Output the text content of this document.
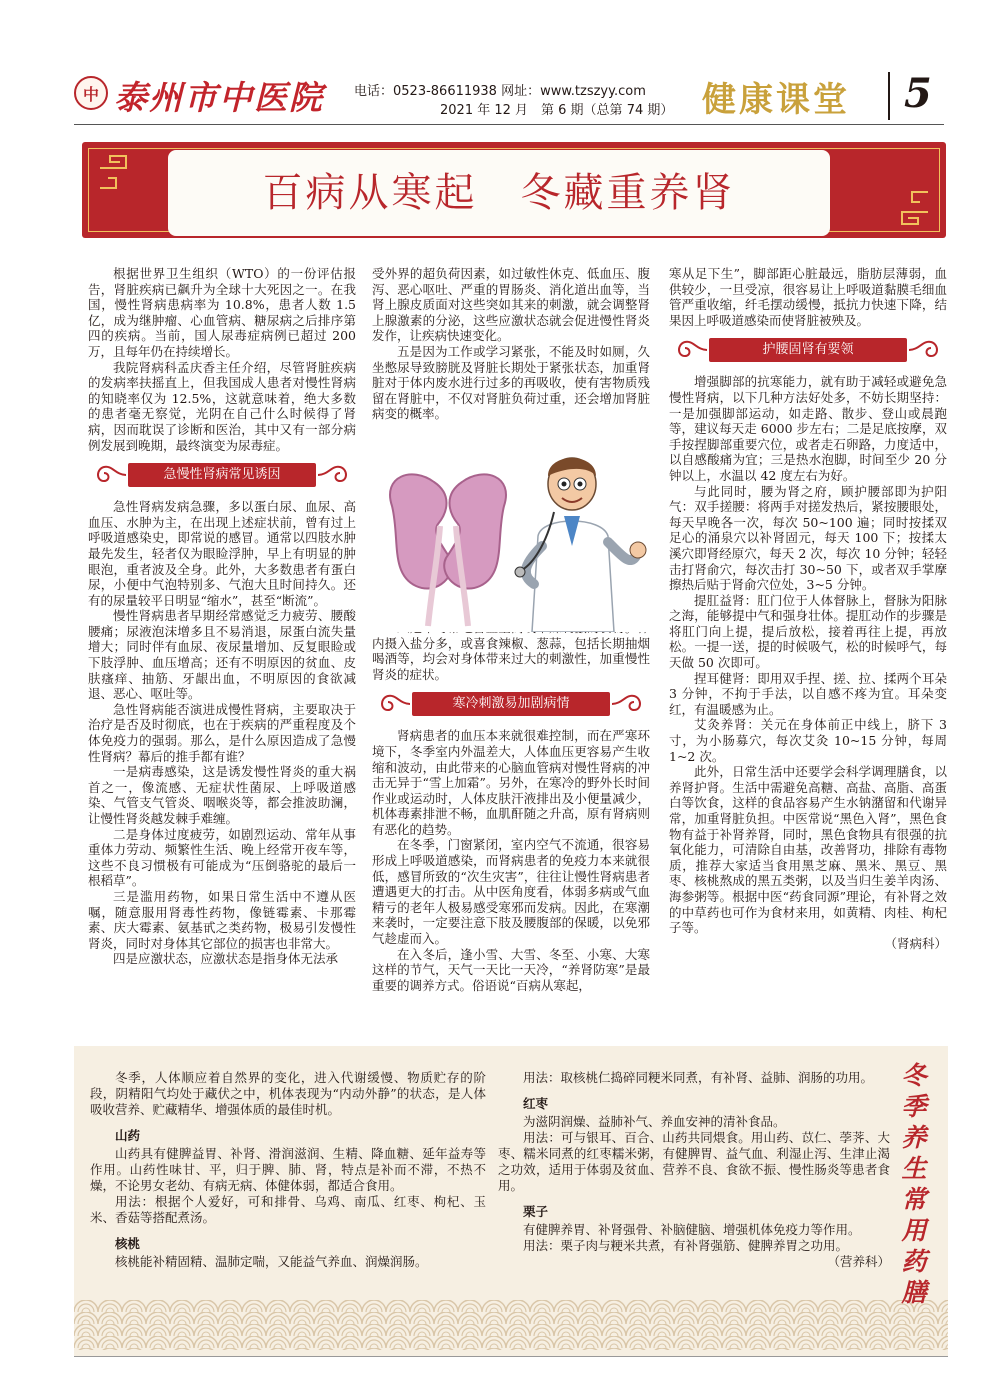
中 泰州市中医院 电话：0523-86611938 网址：www.tzszyy.com
2021 年 12 月　第 6 期（总第 74 期） 健康课堂 5
百病从寒起　冬藏重养肾

根据世界卫生组织（WTO）的一份评估报告，肾脏疾病已飙升为全球十大死因之一。在我国，慢性肾病患病率为 10.8%，患者人数 1.5 亿，成为继肿瘤、心血管病、糖尿病之后排序第四的疾病。当前，国人尿毒症病例已超过 200 万，且每年仍在持续增长。

我院肾病科孟庆香主任介绍，尽管肾脏疾病的发病率扶摇直上，但我国成人患者对慢性肾病的知晓率仅为 12.5%，这就意味着，绝大多数的患者毫无察觉，光阴在自己什么时候得了肾病，因而耽误了诊断和医治，其中又有一部分病例发展到晚期，最终演变为尿毒症。

急慢性肾病常见诱因

急性肾病发病急骤，多以蛋白尿、血尿、高血压、水肿为主，在出现上述症状前，曾有过上呼吸道感染史，即常说的感冒。通常以四肢水肿最先发生，轻者仅为眼睑浮肿，早上有明显的肿眼泡，重者波及全身。此外，大多数患者有蛋白尿，小便中气泡特别多、气泡大且时间持久。还有的尿量较平日明显“缩水”，甚至“断流”。

慢性肾病患者早期经常感觉乏力疲劳、腰酸腰痛；尿液泡沫增多且不易消退，尿蛋白流失量增大；同时伴有血尿、夜尿量增加、反复眼睑或下肢浮肿、血压增高；还有不明原因的贫血、皮肤瘙痒、抽筋、牙龈出血，不明原因的食欲减退、恶心、呕吐等。

急性肾病能否演进成慢性肾病，主要取决于治疗是否及时彻底，也在于疾病的严重程度及个体免疫力的强弱。那么，是什么原因造成了急慢性肾病？幕后的推手都有谁？

一是病毒感染，这是诱发慢性肾炎的重大祸首之一，像流感、无症状性菌尿、上呼吸道感染、气管支气管炎、咽喉炎等，都会推波助澜，让慢性肾炎越发棘手难缠。

二是身体过度疲劳，如剧烈运动、常年从事重体力劳动、频繁性生活、晚上经常开夜车等，这些不良习惯极有可能成为“压倒骆驼的最后一根稻草”。

三是滥用药物，如果日常生活中不遵从医嘱，随意服用肾毒性药物，像链霉素、卡那霉素、庆大霉素、氨基甙之类药物，极易引发慢性肾炎，同时对身体其它部位的损害也非常大。

四是应激状态，应激状态是指身体无法承

受外界的超负荷因素，如过敏性休克、低血压、腹泻、恶心呕吐、严重的胃肠炎、消化道出血等，当肾上腺皮质面对这些突如其来的刺激，就会调整肾上腺激素的分泌，这些应激状态就会促进慢性肾炎发作，让疾病快速变化。

五是因为工作或学习紧张，不能及时如厕，久坐憋尿导致膀胱及肾脏长期处于紧张状态，加重肾脏对于体内废水进行过多的再吸收，使有害物质残留在肾脏中，不仅对肾脏负荷过重，还会增加肾脏病变的概率。

内摄入盐分多，或喜食辣椒、葱蒜，包括长期抽烟喝酒等，均会对身体带来过大的刺激性，加重慢性肾炎的症状。

寒冷刺激易加剧病情

肾病患者的血压本来就很难控制，而在严寒环境下，冬季室内外温差大，人体血压更容易产生收缩和波动，由此带来的心脑血管病对慢性肾病的冲击无异于“雪上加霜”。另外，在寒冷的野外长时间作业或运动时，人体皮肤汗液排出及小便量减少，机体毒素排泄不畅，血肌酐随之升高，原有肾病则有恶化的趋势。

在冬季，门窗紧闭，室内空气不流通，很容易形成上呼吸道感染，而肾病患者的免疫力本来就很低，感冒所致的“次生灾害”，往往让慢性肾病患者遭遇更大的打击。从中医角度看，体弱多病或气血精亏的老年人极易感受寒邪而发病。因此，在寒潮来袭时，一定要注意下肢及腰腹部的保暖，以免邪气趁虚而入。

在入冬后，逢小雪、大雪、冬至、小寒、大寒这样的节气，天气一天比一天冷，“养肾防寒”是最重要的调养方式。俗语说“百病从寒起，

寒从足下生”，脚部距心脏最远，脂肪层薄弱，血供较少，一旦受凉，很容易让上呼吸道黏膜毛细血管严重收缩，纤毛摆动缓慢，抵抗力快速下降，结果因上呼吸道感染而使肾脏被殃及。

护腰固肾有要领

增强脚部的抗寒能力，就有助于减轻或避免急慢性肾病，以下几种方法好处多，不妨长期坚持：一是加强脚部运动，如走路、散步、登山或晨跑等，建议每天走 6000 步左右；二是足底按摩，双手按捏脚部重要穴位，或者走石卵路，力度适中，以自感酸痛为宜；三是热水泡脚，时间至少 20 分钟以上，水温以 42 度左右为好。

与此同时，腰为肾之府，顾护腰部即为护阳气：双手搓腰：将两手对搓发热后，紧按腰眼处，每天早晚各一次，每次 50~100 遍；同时按揉双足心的涌泉穴以补肾固元，每天 100 下；按揉太溪穴即肾经原穴，每天 2 次，每次 10 分钟；轻轻击打肾俞穴，每次击打 30~50 下，或者双手掌摩擦热后贴于肾俞穴位处，3~5 分钟。

提肛益肾：肛门位于人体督脉上，督脉为阳脉之海，能够提中气和强身壮体。提肛动作的步骤是将肛门向上提，提后放松，接着再往上提，再放松。一提一送，提的时候吸气，松的时候呼气，每天做 50 次即可。

捏耳健肾：即用双手捏、搓、拉、揉两个耳朵 3 分钟，不拘于手法，以自感不疼为宜。耳朵变红，有温暖感为止。

艾灸养肾：关元在身体前正中线上，脐下 3 寸，为小肠募穴，每次艾灸 10~15 分钟，每周 1~2 次。

此外，日常生活中还要学会科学调理膳食，以养肾护肾。生活中需避免高糖、高盐、高脂、高蛋白等饮食，这样的食品容易产生水钠潴留和代谢异常，加重肾脏负担。中医常说“黑色入肾”，黑色食物有益于补肾养肾，同时，黑色食物具有很强的抗氧化能力，可清除自由基，改善肾功，排除有毒物质，推荐大家适当食用黑芝麻、黑米、黑豆、黑枣、核桃熬成的黑五类粥，以及当归生姜羊肉汤、海参粥等。根据中医“药食同源”理论，有补肾之效的中草药也可作为食材来用，如黄精、肉桂、枸杞子等。

（肾病科）

冬季，人体顺应着自然界的变化，进入代谢缓慢、物质贮存的阶段，阴精阳气均处于藏伏之中，机体表现为“内动外静”的状态，是人体吸收营养、贮藏精华、增强体质的最佳时机。

山药

山药具有健脾益胃、补肾、滑润滋润、生精、降血糖、延年益寿等作用。山药性味甘、平，归于脾、肺、肾，特点是补而不滞，不热不燥，不论男女老幼、有病无病、体健体弱，都适合食用。

用法：根据个人爱好，可和排骨、乌鸡、南瓜、红枣、枸杞、玉米、香菇等搭配煮汤。

核桃

核桃能补精固精、温肺定喘，又能益气养血、润燥润肠。

用法：取核桃仁捣碎同粳米同煮，有补肾、益肺、润肠的功用。

红枣

为滋阴润燥、益肺补气、养血安神的清补食品。

用法：可与银耳、百合、山药共同煨食。用山药、苡仁、荸荠、大枣、糯米同煮的红枣糯米粥，有健脾胃、益气血、利湿止泻、生津止渴之功效，适用于体弱及贫血、营养不良、食欲不振、慢性肠炎等患者食用。

栗子

有健脾养胃、补肾强骨、补脑健脑、增强机体免疫力等作用。

用法：栗子肉与粳米共煮，有补肾强筋、健脾养胃之功用。

（营养科）

冬季养生常用药膳
